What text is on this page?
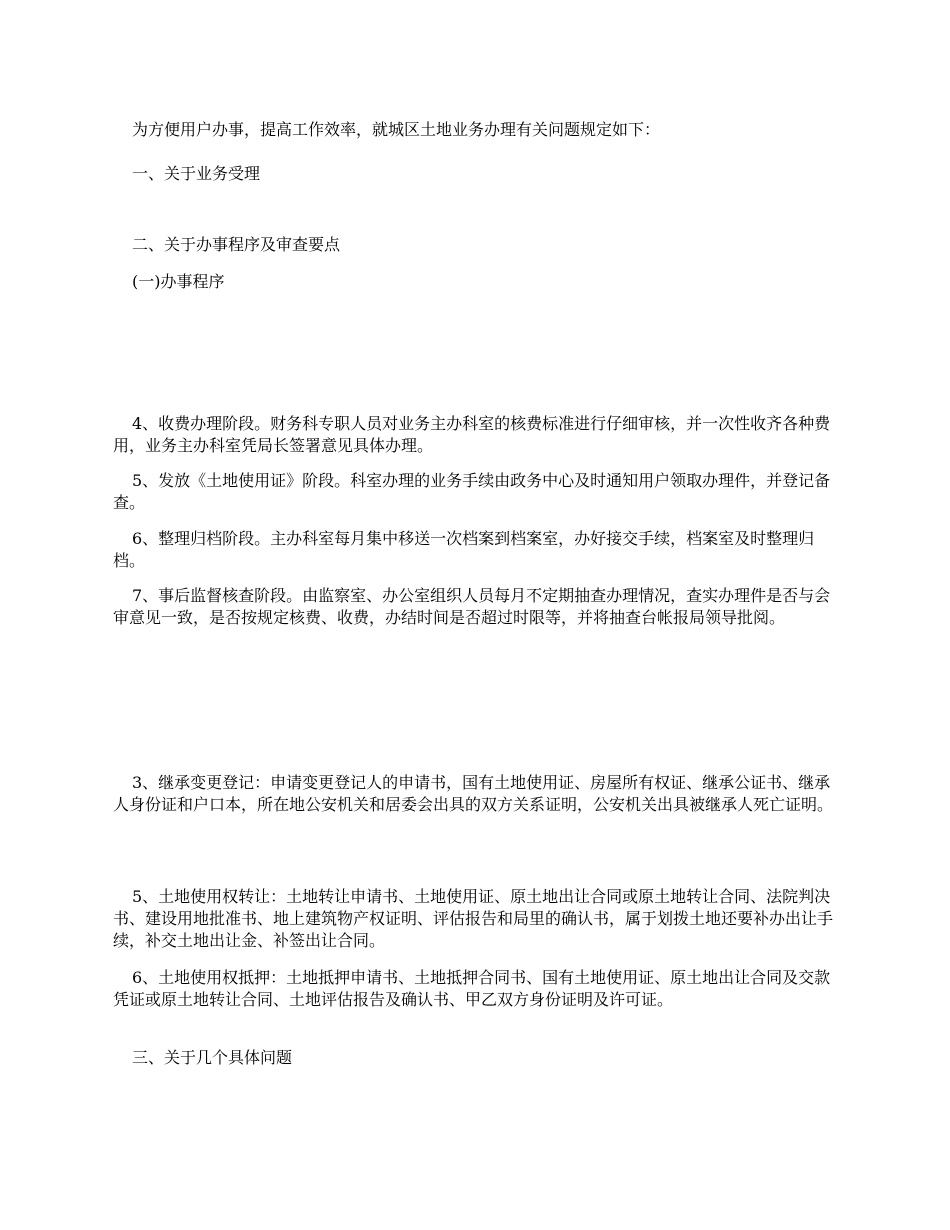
为方便用户办事，提高工作效率，就城区土地业务办理有关问题规定如下：

一、关于业务受理

二、关于办事程序及审查要点

(一)办事程序

4、收费办理阶段。财务科专职人员对业务主办科室的核费标准进行仔细审核，并一次性收齐各种费用，业务主办科室凭局长签署意见具体办理。

5、发放《土地使用证》阶段。科室办理的业务手续由政务中心及时通知用户领取办理件，并登记备查。

6、整理归档阶段。主办科室每月集中移送一次档案到档案室，办好接交手续，档案室及时整理归档。

7、事后监督核查阶段。由监察室、办公室组织人员每月不定期抽查办理情况，查实办理件是否与会审意见一致，是否按规定核费、收费，办结时间是否超过时限等，并将抽查台帐报局领导批阅。

3、继承变更登记：申请变更登记人的申请书，国有土地使用证、房屋所有权证、继承公证书、继承人身份证和户口本，所在地公安机关和居委会出具的双方关系证明，公安机关出具被继承人死亡证明。

5、土地使用权转让：土地转让申请书、土地使用证、原土地出让合同或原土地转让合同、法院判决书、建设用地批准书、地上建筑物产权证明、评估报告和局里的确认书，属于划拨土地还要补办出让手续，补交土地出让金、补签出让合同。

6、土地使用权抵押：土地抵押申请书、土地抵押合同书、国有土地使用证、原土地出让合同及交款凭证或原土地转让合同、土地评估报告及确认书、甲乙双方身份证明及许可证。

三、关于几个具体问题
